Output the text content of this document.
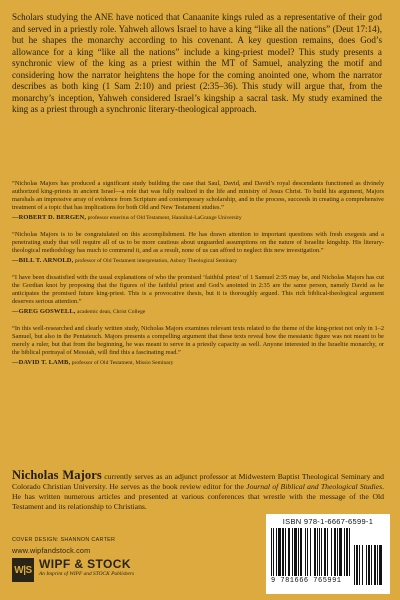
Scholars studying the ANE have noticed that Canaanite kings ruled as a representative of their god and served in a priestly role. Yahweh allows Israel to have a king “like all the nations” (Deut 17:14), but he shapes the monarchy according to his covenant. A key question remains, does God’s allowance for a king “like all the nations” include a king-priest model? This study presents a synchronic view of the king as a priest within the MT of Samuel, analyzing the motif and considering how the narrator heightens the hope for the coming anointed one, whom the narrator describes as both king (1 Sam 2:10) and priest (2:35–36). This study will argue that, from the monarchy’s inception, Yahweh considered Israel’s kingship a sacral task. My study examined the king as a priest through a synchronic literary-theological approach.

“Nicholas Majors has produced a significant study building the case that Saul, David, and David’s royal descendants functioned as divinely authorized king-priests in ancient Israel—a role that was fully realized in the life and ministry of Jesus Christ. To build his argument, Majors marshals an impressive array of evidence from Scripture and contemporary scholarship, and in the process, succeeds in creating a comprehensive treatment of a topic that has implications for both Old and New Testament studies.”

—ROBERT D. BERGEN, professor emeritus of Old Testament, Hannibal-LaGrange University

“Nicholas Majors is to be congratulated on this accomplishment. He has drawn attention to important questions with fresh exegesis and a penetrating study that will require all of us to be more cautious about unguarded assumptions on the nature of Israelite kingship. His literary-theological methodology has much to commend it, and as a result, none of us can afford to neglect this new investigation.”

—BILL T. ARNOLD, professor of Old Testament interpretation, Asbury Theological Seminary

“I have been dissatisfied with the usual explanations of who the promised ‘faithful priest’ of 1 Samuel 2:35 may be, and Nicholas Majors has cut the Gordian knot by proposing that the figures of the faithful priest and God’s anointed in 2:35 are the same person, namely David as he anticipates the promised future king-priest. This is a provocative thesis, but it is thoroughly argued. This rich biblical-theological argument deserves serious attention.”

—GREG GOSWELL, academic dean, Christ College

“In this well-researched and clearly written study, Nicholas Majors examines relevant texts related to the theme of the king-priest not only in 1–2 Samuel, but also in the Pentateuch. Majors presents a compelling argument that these texts reveal how the messianic figure was not meant to be merely a ruler, but that from the beginning, he was meant to serve in a priestly capacity as well. Anyone interested in the Israelite monarchy, or the biblical portrayal of Messiah, will find this a fascinating read.”

—DAVID T. LAMB, professor of Old Testament, Missio Seminary

Nicholas Majors currently serves as an adjunct professor at Midwestern Baptist Theological Seminary and Colorado Christian University. He serves as the book review editor for the Journal of Biblical and Theological Studies. He has written numerous articles and presented at various conferences that wrestle with the message of the Old Testament and its relationship to Christians.

COVER DESIGN: SHANNON CARTER

www.wipfandstock.com

W|S WIPF & STOCK
An Imprint of WIPF and STOCK Publishers

ISBN 978-1-6667-6599-1

9 781666 765991
